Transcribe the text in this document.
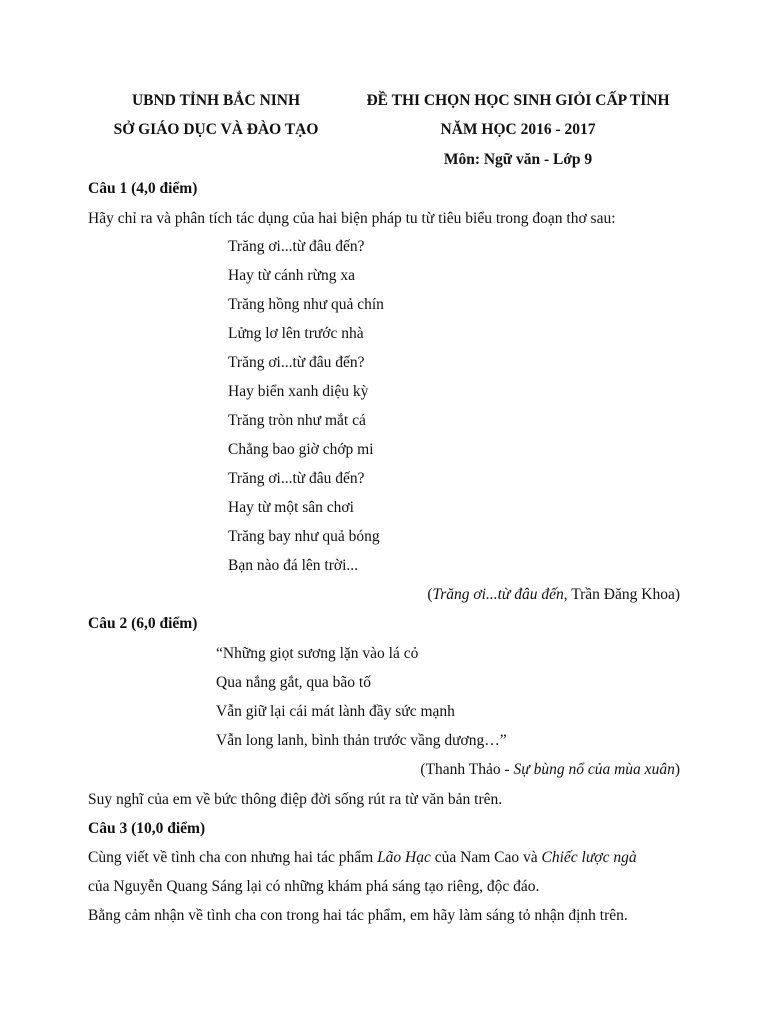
UBND TỈNH BẮC NINH
SỞ GIÁO DỤC VÀ ĐÀO TẠO
ĐỀ THI CHỌN HỌC SINH GIỎI CẤP TỈNH
NĂM HỌC 2016 - 2017
Môn: Ngữ văn - Lớp 9
Câu 1 (4,0 điểm)
Hãy chỉ ra và phân tích tác dụng của hai biện pháp tu từ tiêu biểu trong đoạn thơ sau:
Trăng ơi...từ đâu đến?
Hay từ cánh rừng xa
Trăng hồng như quả chín
Lửng lơ lên trước nhà
Trăng ơi...từ đâu đến?
Hay biển xanh diệu kỳ
Trăng tròn như mắt cá
Chẳng bao giờ chớp mi
Trăng ơi...từ đâu đến?
Hay từ một sân chơi
Trăng bay như quả bóng
Bạn nào đá lên trời...
(Trăng ơi...từ đâu đến, Trần Đăng Khoa)
Câu 2 (6,0 điểm)
“Những giọt sương lặn vào lá cỏ
Qua nắng gắt, qua bão tố
Vẫn giữ lại cái mát lành đầy sức mạnh
Vẫn long lanh, bình thản trước vầng dương…”
(Thanh Thảo - Sự bùng nổ của mùa xuân)
Suy nghĩ của em về bức thông điệp đời sống rút ra từ văn bản trên.
Câu 3 (10,0 điểm)
Cùng viết về tình cha con nhưng hai tác phẩm Lão Hạc của Nam Cao và Chiếc lược ngà
của Nguyễn Quang Sáng lại có những khám phá sáng tạo riêng, độc đáo.
Bằng cảm nhận về tình cha con trong hai tác phẩm, em hãy làm sáng tỏ nhận định trên.
